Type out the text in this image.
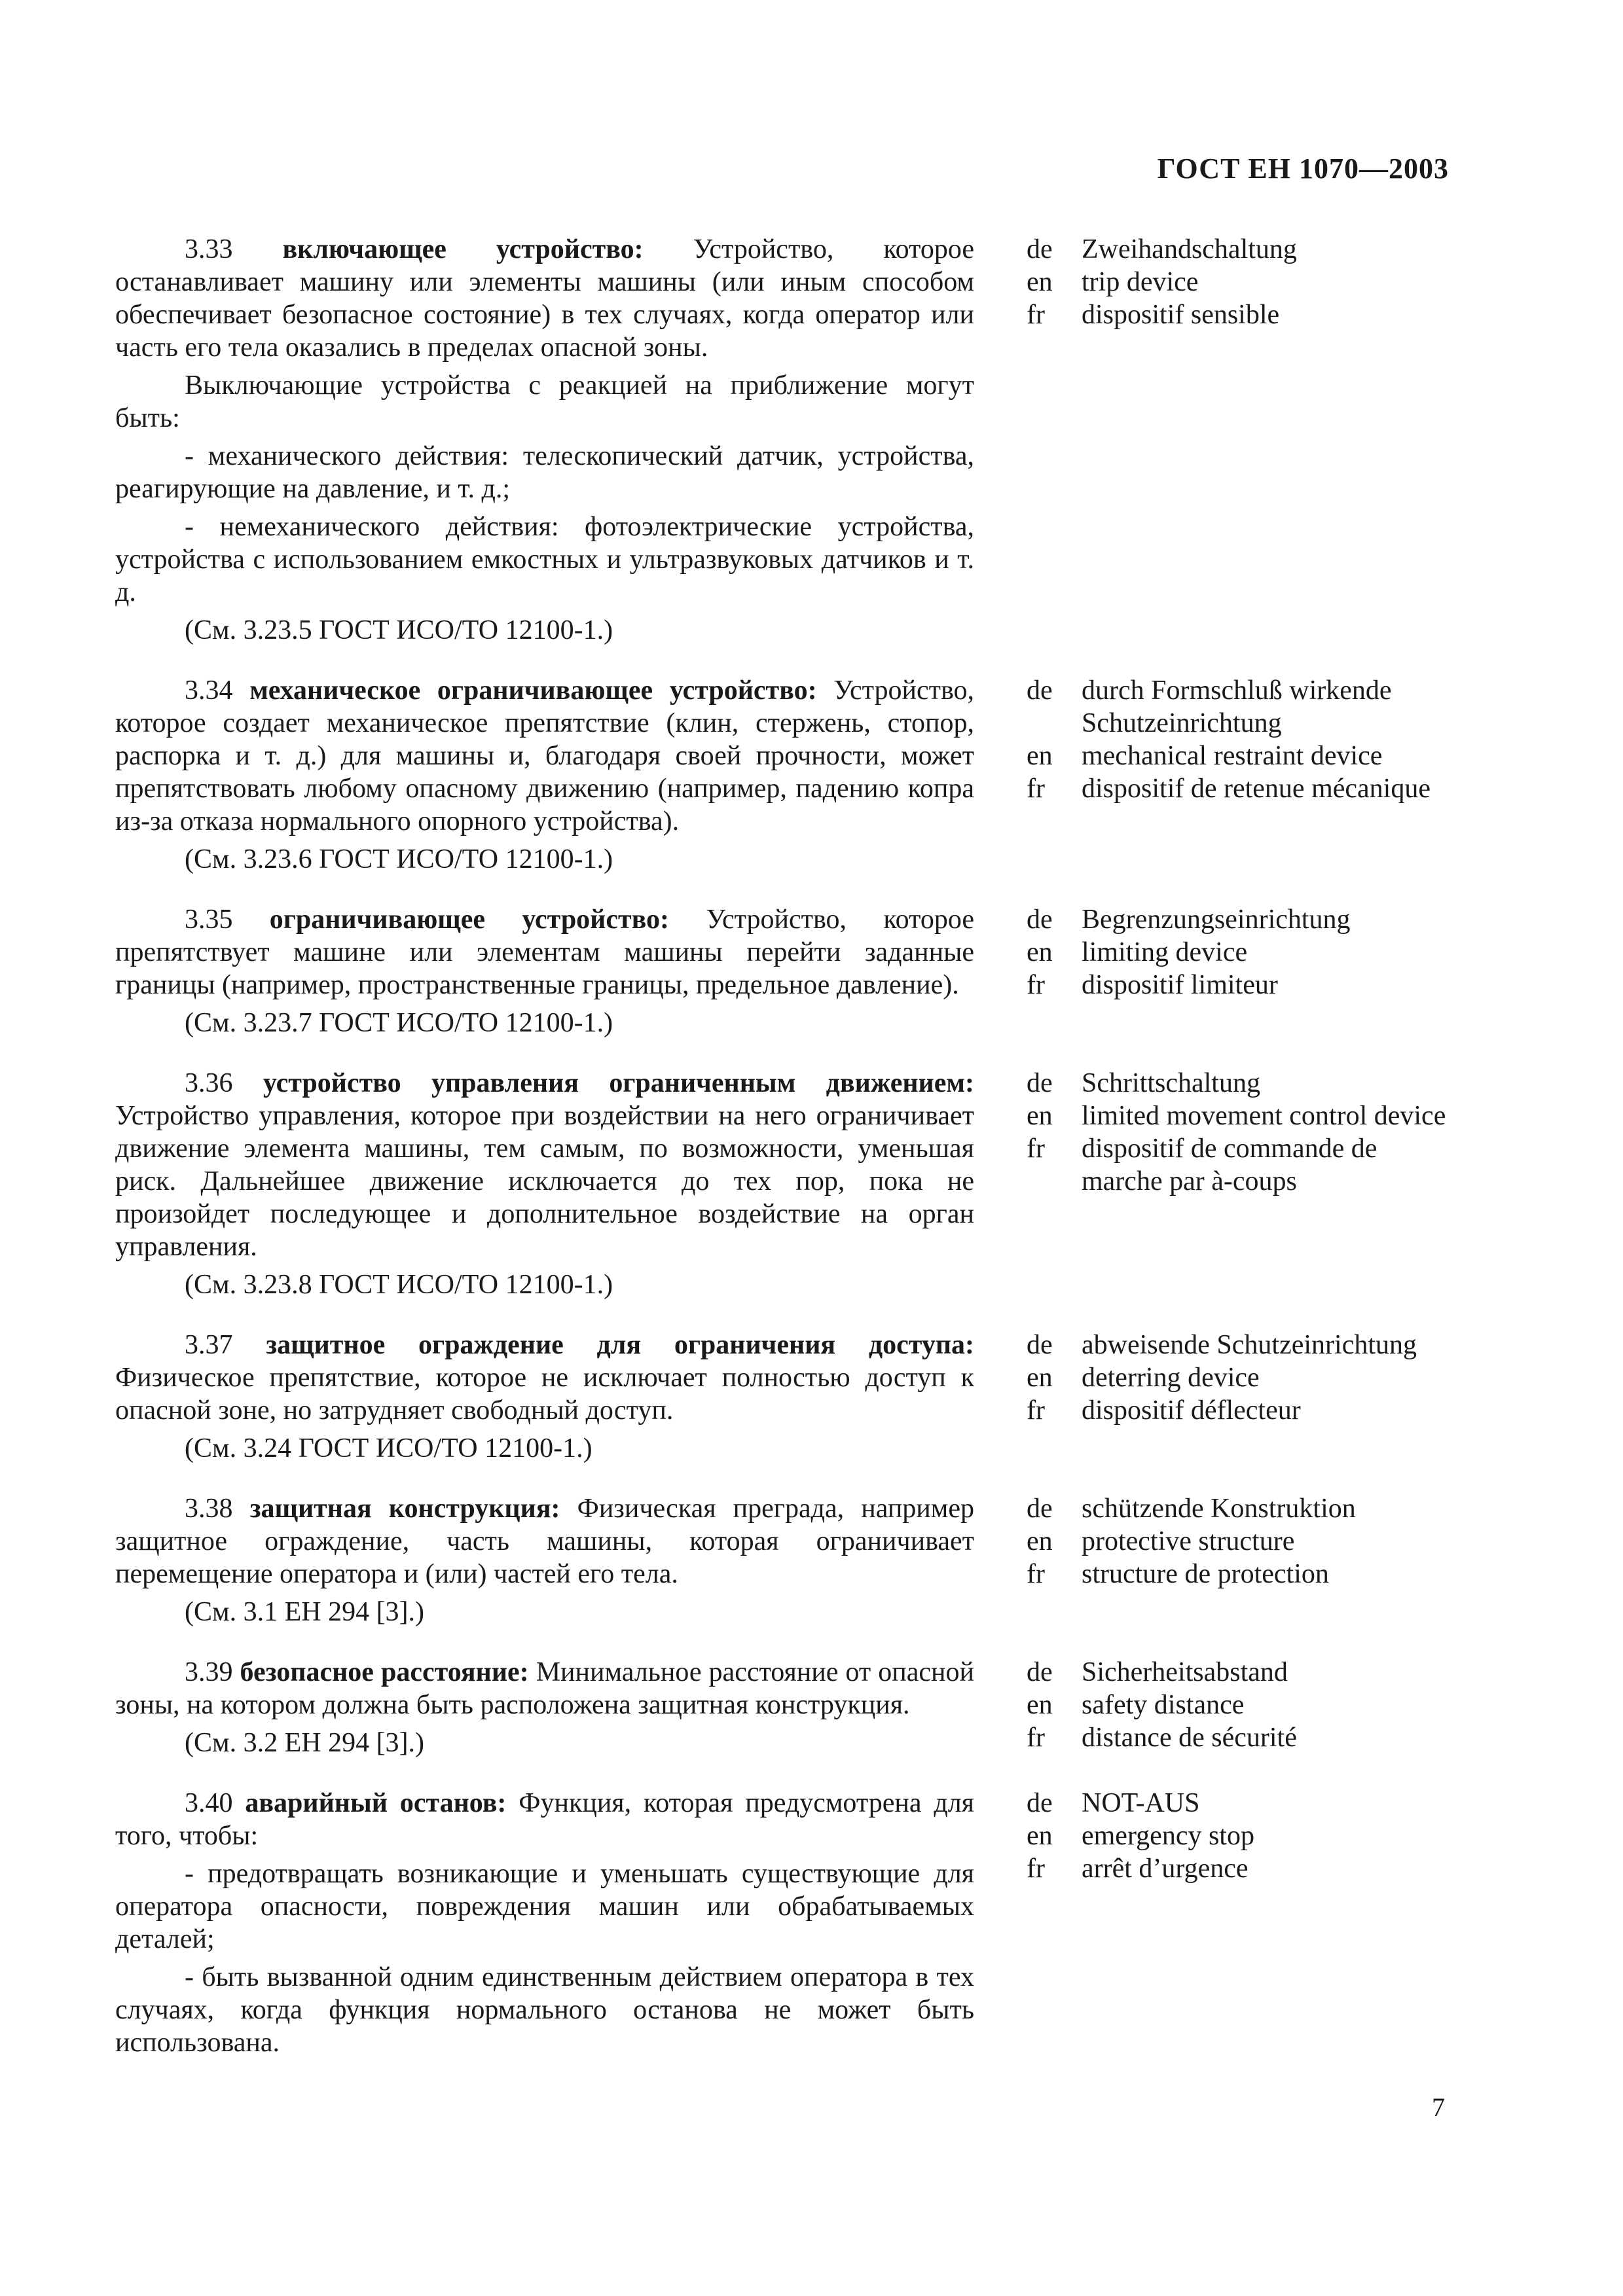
ГОСТ ЕН 1070—2003

3.33 включающее устройство: Устройство, которое останавливает машину или элементы машины (или иным способом обеспечивает безопасное состояние) в тех случаях, когда оператор или часть его тела оказались в пределах опасной зоны.

Выключающие устройства с реакцией на приближение могут быть:

- механического действия: телескопический датчик, устройства, реагирующие на давление, и т. д.;

- немеханического действия: фотоэлектрические устройства, устройства с использованием емкостных и ультразвуковых датчиков и т. д.

(См. 3.23.5 ГОСТ ИСО/ТО 12100-1.)
de	Zweihandschaltung
en	trip device
fr	dispositif sensible

3.34 механическое ограничивающее устройство: Устройство, которое создает механическое препятствие (клин, стержень, стопор, распорка и т. д.) для машины и, благодаря своей прочности, может препятствовать любому опасному движению (например, падению копра из-за отказа нормального опорного устройства).

(См. 3.23.6 ГОСТ ИСО/ТО 12100-1.)
de	durch Formschluß wirkende Schutzeinrichtung
en	mechanical restraint device
fr	dispositif de retenue mécanique

3.35 ограничивающее устройство: Устройство, которое препятствует машине или элементам машины перейти заданные границы (например, пространственные границы, предельное давление).

(См. 3.23.7 ГОСТ ИСО/ТО 12100-1.)
de	Begrenzungseinrichtung
en	limiting device
fr	dispositif limiteur

3.36 устройство управления ограниченным движением: Устройство управления, которое при воздействии на него ограничивает движение элемента машины, тем самым, по возможности, уменьшая риск. Дальнейшее движение исключается до тех пор, пока не произойдет последующее и дополнительное воздействие на орган управления.

(См. 3.23.8 ГОСТ ИСО/ТО 12100-1.)
de	Schrittschaltung
en	limited movement control device
fr	dispositif de commande de marche par à-coups

3.37 защитное ограждение для ограничения доступа: Физическое препятствие, которое не исключает полностью доступ к опасной зоне, но затрудняет свободный доступ.

(См. 3.24 ГОСТ ИСО/ТО 12100-1.)
de	abweisende Schutzeinrichtung
en	deterring device
fr	dispositif déflecteur

3.38 защитная конструкция: Физическая преграда, например защитное ограждение, часть машины, которая ограничивает перемещение оператора и (или) частей его тела.

(См. 3.1 ЕН 294 [3].)
de	schützende Konstruktion
en	protective structure
fr	structure de protection

3.39 безопасное расстояние: Минимальное расстояние от опасной зоны, на котором должна быть расположена защитная конструкция.

(См. 3.2 ЕН 294 [3].)
de	Sicherheitsabstand
en	safety distance
fr	distance de sécurité

3.40 аварийный останов: Функция, которая предусмотрена для того, чтобы:

- предотвращать возникающие и уменьшать существующие для оператора опасности, повреждения машин или обрабатываемых деталей;

- быть вызванной одним единственным действием оператора в тех случаях, когда функция нормального останова не может быть использована.

de	NOT-AUS
en	emergency stop
fr	arrêt d’urgence
7
